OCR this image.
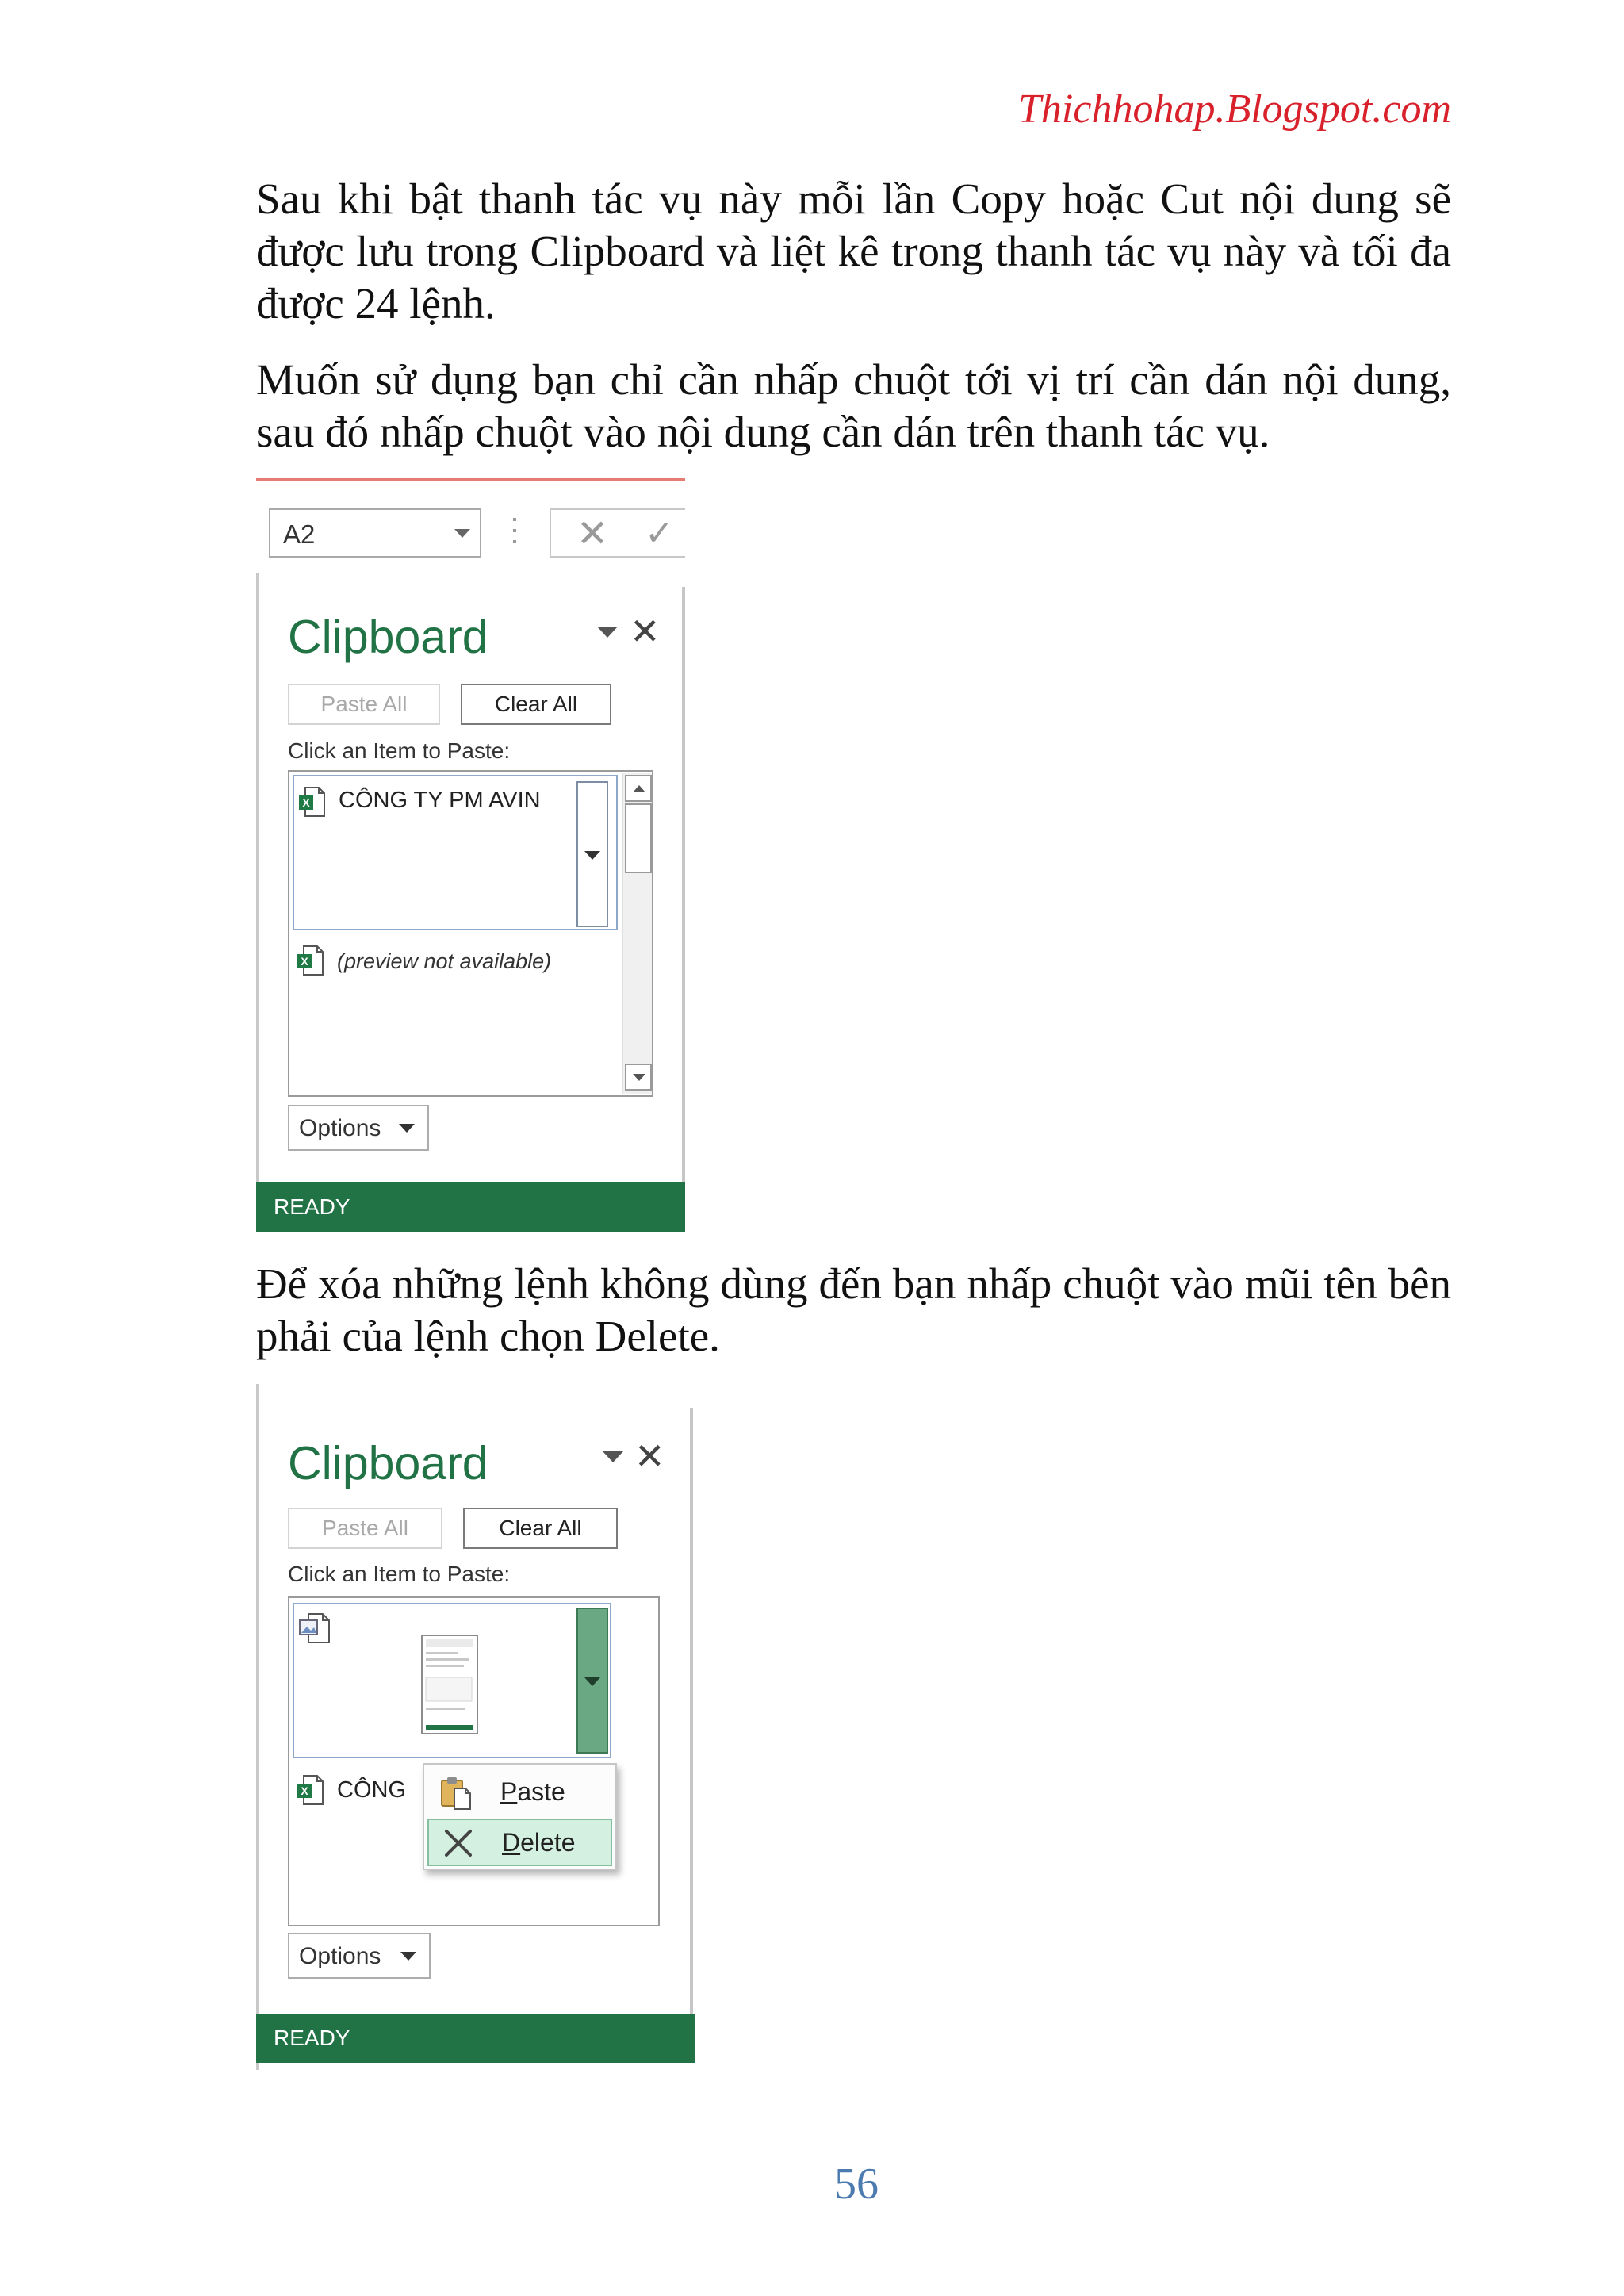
Thichhohap.Blogspot.com
Sau khi bật thanh tác vụ này mỗi lần Copy hoặc Cut nội dung sẽ được lưu trong Clipboard và liệt kê trong thanh tác vụ này và tối đa được 24 lệnh.
Muốn sử dụng bạn chỉ cần nhấp chuột tới vị trí cần dán nội dung, sau đó nhấp chuột vào nội dung cần dán trên thanh tác vụ.
A2	✕ ✓
Clipboard	✕
Paste All	Clear All
Click an Item to Paste:
X CÔNG TY PM AVIN
X (preview not available)
Options
READY
Để xóa những lệnh không dùng đến bạn nhấp chuột vào mũi tên bên phải của lệnh chọn Delete.
Clipboard	✕
Paste All	Clear All
Click an Item to Paste:
X CÔNG	Paste
Delete
Options
READY
56
